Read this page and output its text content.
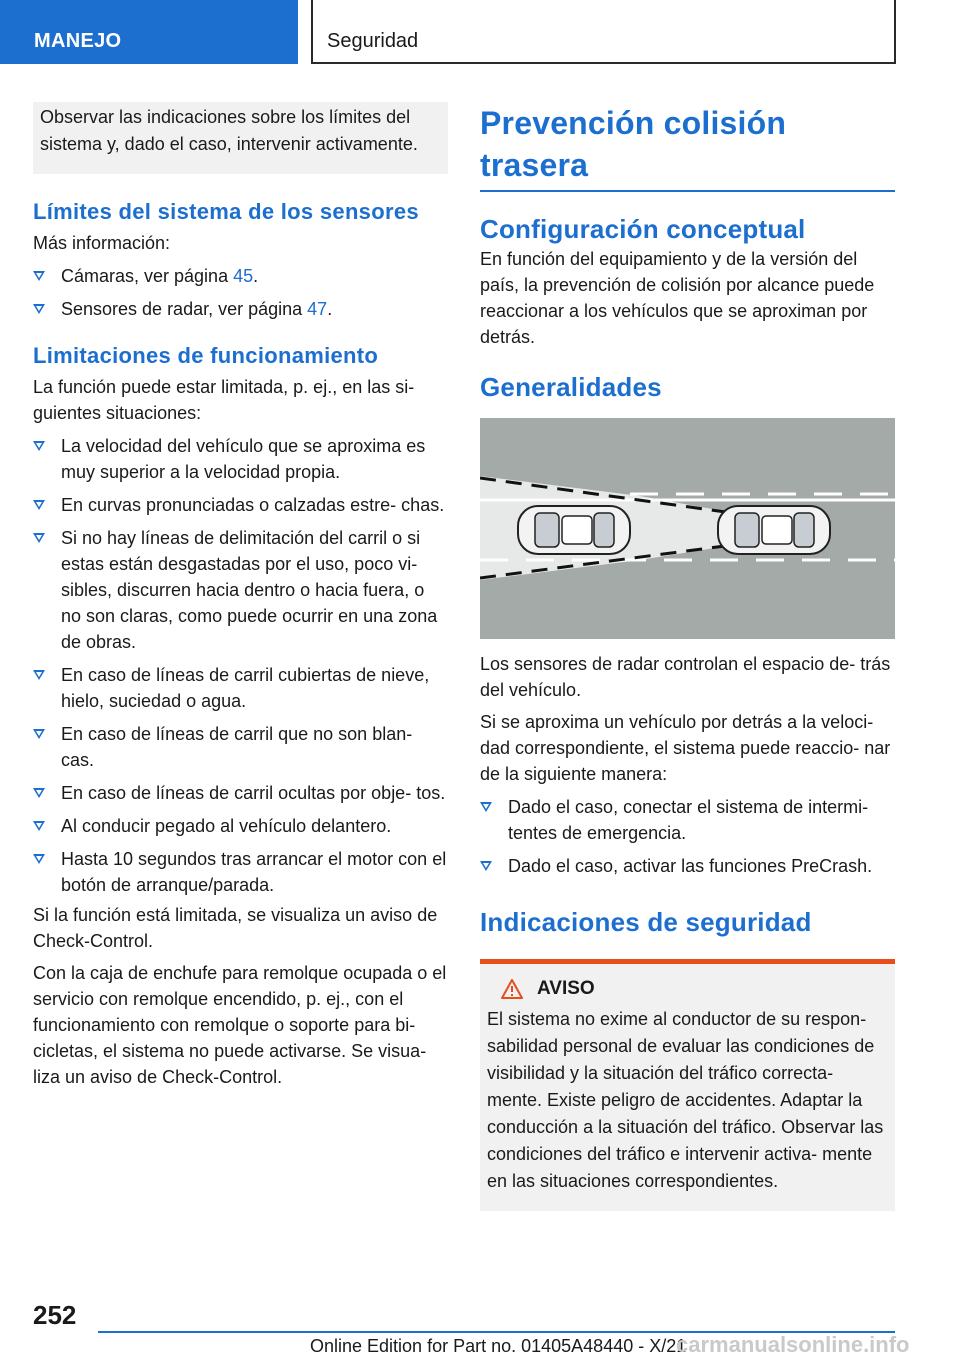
MANEJO	Seguridad
Observar las indicaciones sobre los límites del sistema y, dado el caso, intervenir activamente.
Límites del sistema de los sensores

Más información:

Cámaras, ver página 45.
Sensores de radar, ver página 47.
Limitaciones de funcionamiento

La función puede estar limitada, p. ej., en las si‐ guientes situaciones:

La velocidad del vehículo que se aproxima es muy superior a la velocidad propia.
En curvas pronunciadas o calzadas estre‐ chas.
Si no hay líneas de delimitación del carril o si estas están desgastadas por el uso, poco vi‐ sibles, discurren hacia dentro o hacia fuera, o no son claras, como puede ocurrir en una zona de obras.
En caso de líneas de carril cubiertas de nieve, hielo, suciedad o agua.
En caso de líneas de carril que no son blan‐ cas.
En caso de líneas de carril ocultas por obje‐ tos.
Al conducir pegado al vehículo delantero.
Hasta 10 segundos tras arrancar el motor con el botón de arranque/parada.

Si la función está limitada, se visualiza un aviso de Check-Control.

Con la caja de enchufe para remolque ocupada o el servicio con remolque encendido, p. ej., con el funcionamiento con remolque o soporte para bi‐ cicletas, el sistema no puede activarse. Se visua‐ liza un aviso de Check-Control.

Prevención colisión trasera
Configuración conceptual

En función del equipamiento y de la versión del país, la prevención de colisión por alcance puede reaccionar a los vehículos que se aproximan por detrás.

Generalidades

Los sensores de radar controlan el espacio de‐ trás del vehículo.

Si se aproxima un vehículo por detrás a la veloci‐ dad correspondiente, el sistema puede reaccio‐ nar de la siguiente manera:

Dado el caso, conectar el sistema de intermi‐ tentes de emergencia.
Dado el caso, activar las funciones PreCrash.
Indicaciones de seguridad
AVISO

El sistema no exime al conductor de su respon‐ sabilidad personal de evaluar las condiciones de visibilidad y la situación del tráfico correcta‐ mente. Existe peligro de accidentes. Adaptar la conducción a la situación del tráfico. Observar las condiciones del tráfico e intervenir activa‐ mente en las situaciones correspondientes.

252
Online Edition for Part no. 01405A48440 - X/21
carmanualsonline.info
